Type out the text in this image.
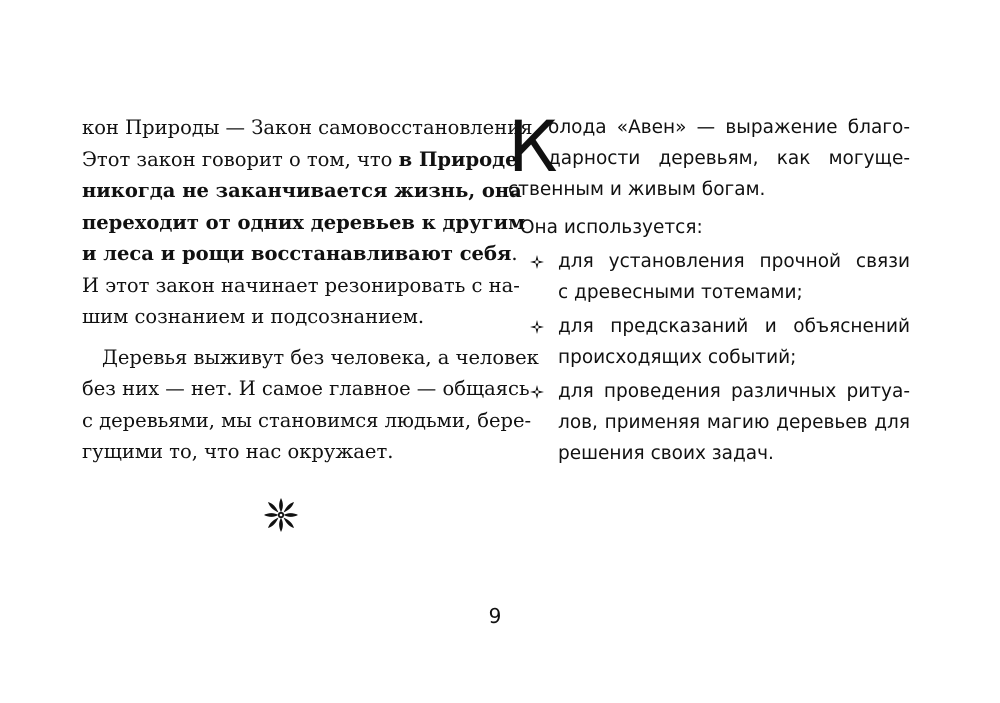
кон Природы — Закон самовосстановления.
Этот закон говорит о том, что в Природе
никогда не заканчивается жизнь, она
переходит от одних деревьев к другим
и леса и рощи восстанавливают себя.
И этот закон начинает резонировать с на-
шим сознанием и подсознанием.
Деревья выживут без человека, а человек
без них — нет. И самое главное — общаясь
с деревьями, мы становимся людьми, бере-
гущими то, что нас окружает.
К
олода «Авен» — выражение благо-
дарности деревьям, как могуще-
ственным и живым богам.
Она используется:
для установления прочной связи
с древесными тотемами;
для предсказаний и объяснений
происходящих событий;
для проведения различных ритуа-
лов, применяя магию деревьев для
решения своих задач.
9
